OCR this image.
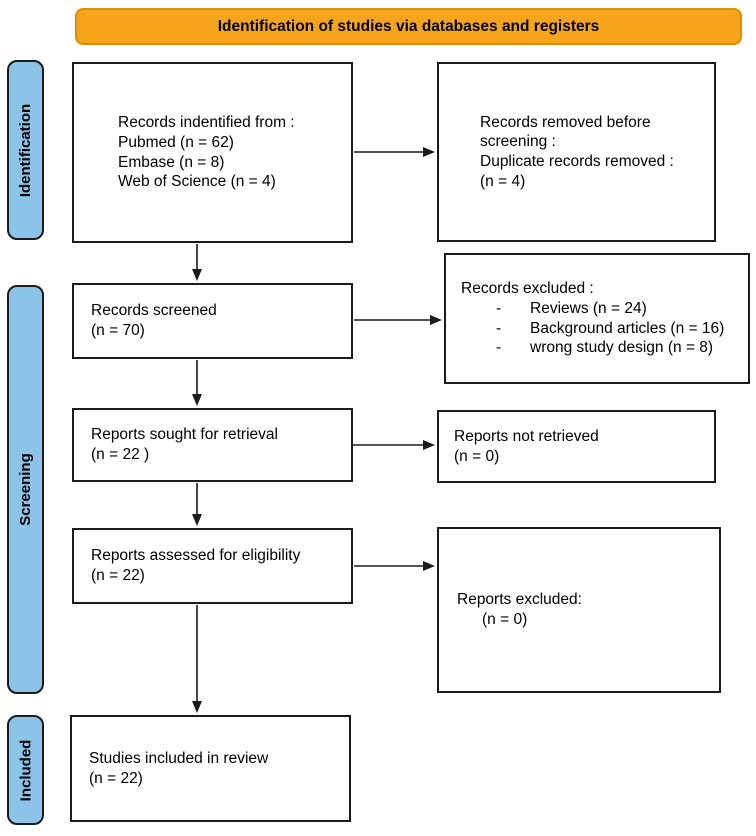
Identification of studies via databases and registers
Identification
Screening
Included
Records indentified from :
Pubmed (n = 62)
Embase (n = 8)
Web of Science (n = 4)
Records removed before
screening :
Duplicate records removed :
(n = 4)
Records screened
(n = 70)
Records excluded :
-	Reviews (n = 24)
-	Background articles (n = 16)
-	wrong study design (n = 8)
Reports sought for retrieval
(n = 22 )
Reports not retrieved
(n = 0)
Reports assessed for eligibility
(n = 22)
Reports excluded:
(n = 0)
Studies included in review
(n = 22)
